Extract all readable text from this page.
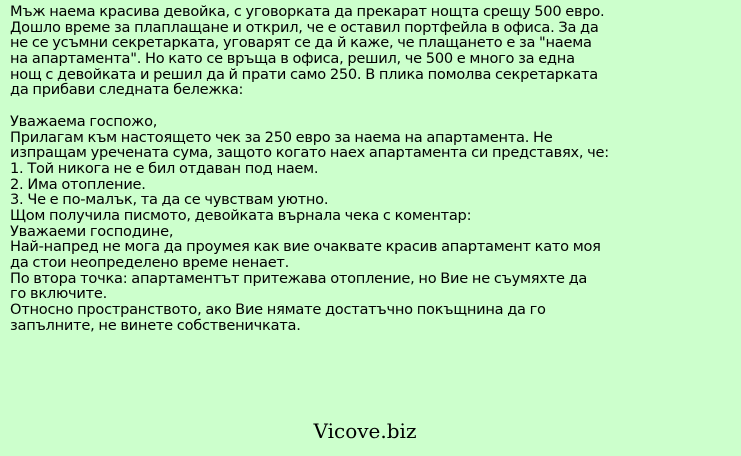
Мъж наема красива девойка, с уговорката да прекарат нощта срещу 500 евро.
Дошло време за плаплащане и открил, че е оставил портфейла в офиса. За да
не се усъмни секретарката, уговарят се да й каже, че плащането е за "наема
на апартамента". Но като се връща в офиса, решил, че 500 е много за една
нощ с девойката и решил да й прати само 250. В плика помолва секретарката
да прибави следната бележка:
Уважаема госпожо,
Прилагам към настоящето чек за 250 евро за наема на апартамента. Не
изпращам уречената сума, защото когато наех апартамента си представях, че:
1. Той никога не е бил отдаван под наем.
2. Има отопление.
3. Че е по-малък, та да се чувствам уютно.
Щом получила писмото, девойката върнала чека с коментар:
Уважаеми господине,
Най-напред не мога да проумея как вие очаквате красив апартамент като моя
да стои неопределено време ненает.
По втора точка: апартаментът притежава отопление, но Вие не съумяхте да
го включите.
Относно пространството, ако Вие нямате достатъчно покъщнина да го
запълните, не винете собственичката.
Vicove.biz
